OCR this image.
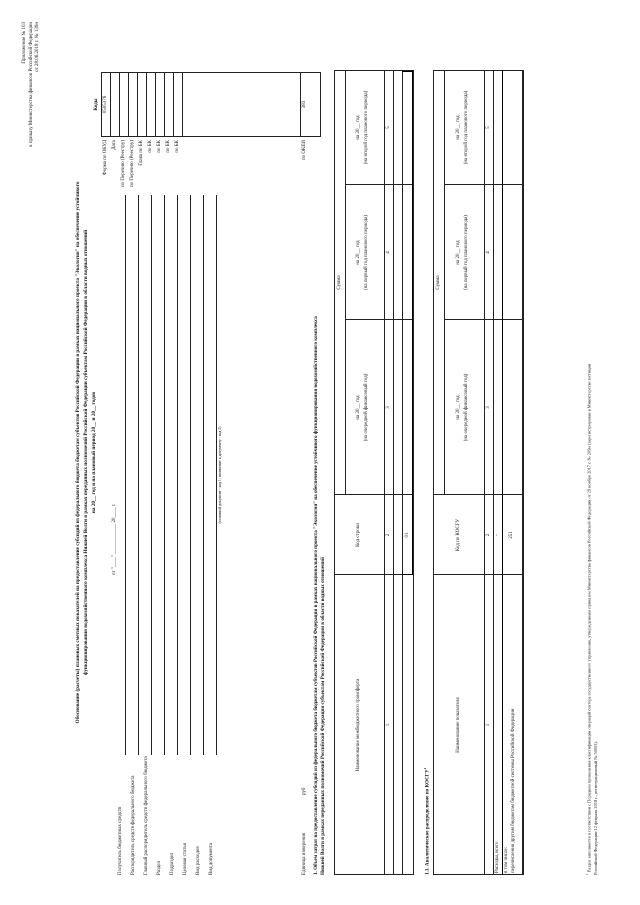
Приложение № 103 к приказу Министерства финансов Российской Федерации от 28.06.2018 г. № 139н
Обоснование (расчеты) плановых сметных показателей на предоставление субсидий из федерального бюджета бюджетам субъектов Российской Федерации в рамках национального проекта "Экология" на обеспечение устойчивого функционирования водохозяйственного комплекса Нижней Волги в рамках переданных полномочий Российской Федерации субъектам Российской Федерации в области водных отношений на 20__ год и на плановый период 20__ и 20__ годов
от "____" ____________ 20____ г.
Коды 0505376
Форма по ОКУД Дата по Перечню (Реестру) по Перечню (Реестру) Глава по БК по БК по БК по БК по БК	по ОКЕИ
383
Получатель бюджетных средств Распорядитель средств федерального бюджета Главный распорядитель средств федерального бюджета Раздел Подраздел Целевая статья Вид расходов Вид документа
(основной документ - код 1; изменение к документу - код 2)
Единица измерения
руб 1. Объем затрат на предоставление субсидий из федерального бюджета бюджетам субъектов Российской Федерации в рамках национального проекта "Экология" на обеспечение устойчивого функционирования водохозяйственного комплекса Нижней Волги в рамках переданных полномочий Российской Федерации субъектам Российской Федерации в области водных отношений	Наименование межбюджетного трансферта
Код строки
Сумма
на 20__ год (на очередной финансовый год)
на 20__ год (на первый год планового периода)
на 20__ год (на второй год планового периода)
1
2
3
4
5
01
1.1. Аналитическое распределение по КОСГУ$^1$
Наименование показателя
Код по КОСГУ
Сумма
на 20__ год (на очередной финансовый год)
на 20__ год (на первый год планового периода)
на 20__ год (на второй год планового периода)
1
2
3
4
5
Расходы, всего
-
в том числе: перечисления другим бюджетам бюджетной системы Российской Федерации
251
$^1$ Раздел заполняется в соответствии с Порядком применения классификации операций сектора государственного управления, утвержденным приказом Министерства финансов Российской Федерации от 29 ноября 2017 г. № 209н (зарегистрирован в Министерстве юстиции Российской Федерации 12 февраля 2018 г., регистрационный № 50003).
